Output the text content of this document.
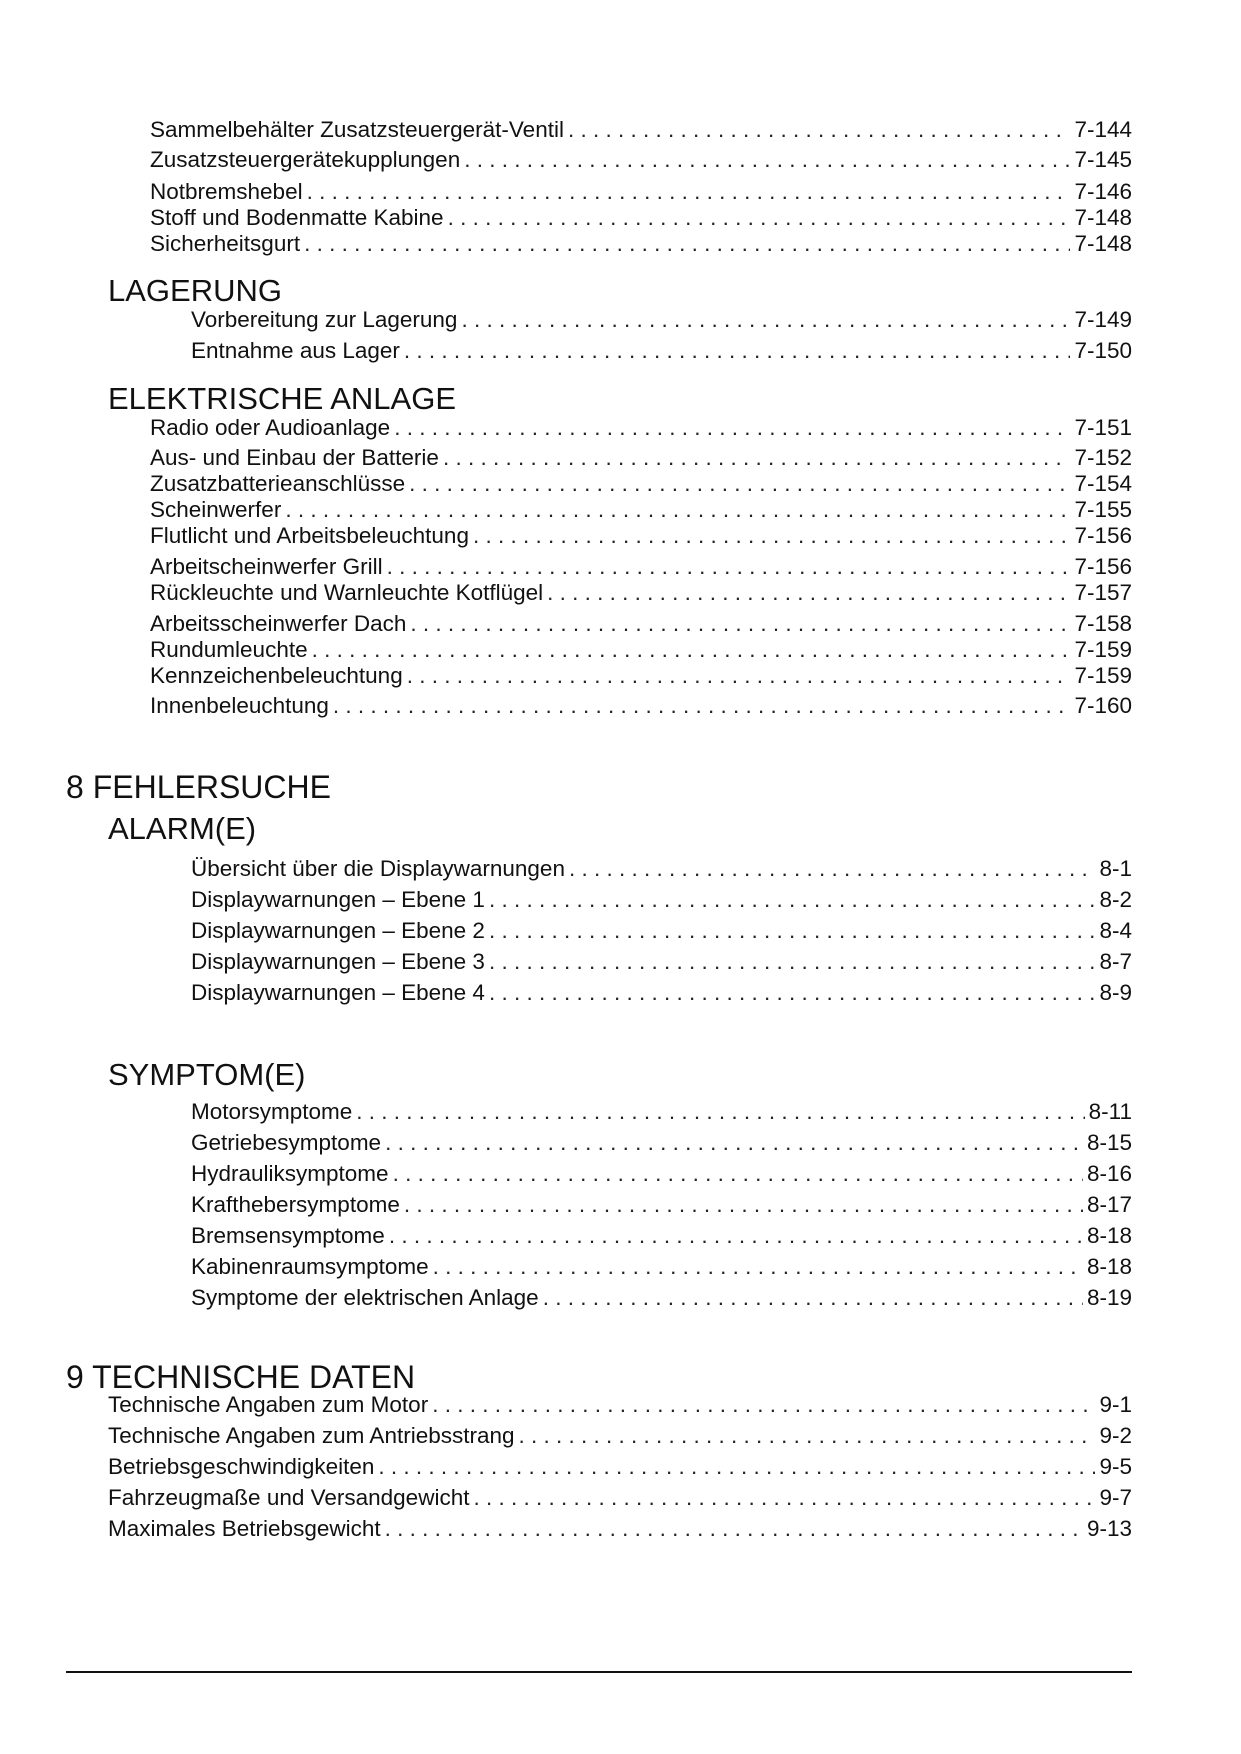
Sammelbehälter Zusatzsteuergerät-Ventil . . .	7-144
Zusatzsteuergerätekupplungen . . .	7-145
Notbremshebel . . .	7-146
Stoff und Bodenmatte Kabine . . .	7-148
Sicherheitsgurt . . .	7-148
LAGERUNG
Vorbereitung zur Lagerung . . .	7-149
Entnahme aus Lager . . .	7-150
ELEKTRISCHE ANLAGE
Radio oder Audioanlage . . .	7-151
Aus- und Einbau der Batterie . . .	7-152
Zusatzbatterieanschlüsse . . .	7-154
Scheinwerfer . . .	7-155
Flutlicht und Arbeitsbeleuchtung . . .	7-156
Arbeitscheinwerfer Grill . . .	7-156
Rückleuchte und Warnleuchte Kotflügel . . .	7-157
Arbeitsscheinwerfer Dach . . .	7-158
Rundumleuchte . . .	7-159
Kennzeichenbeleuchtung . . .	7-159
Innenbeleuchtung . . .	7-160
8 FEHLERSUCHE
ALARM(E)
Übersicht über die Displaywarnungen . . .	8-1
Displaywarnungen – Ebene 1 . . .	8-2
Displaywarnungen – Ebene 2 . . .	8-4
Displaywarnungen – Ebene 3 . . .	8-7
Displaywarnungen – Ebene 4 . . .	8-9
SYMPTOM(E)
Motorsymptome . . .	8-11
Getriebesymptome . . .	8-15
Hydrauliksymptome . . .	8-16
Krafthebersymptome . . .	8-17
Bremsensymptome . . .	8-18
Kabinenraumsymptome . . .	8-18
Symptome der elektrischen Anlage . . .	8-19
9 TECHNISCHE DATEN
Technische Angaben zum Motor . . .	9-1
Technische Angaben zum Antriebsstrang . . .	9-2
Betriebsgeschwindigkeiten . . .	9-5
Fahrzeugmaße und Versandgewicht . . .	9-7
Maximales Betriebsgewicht . . .	9-13
